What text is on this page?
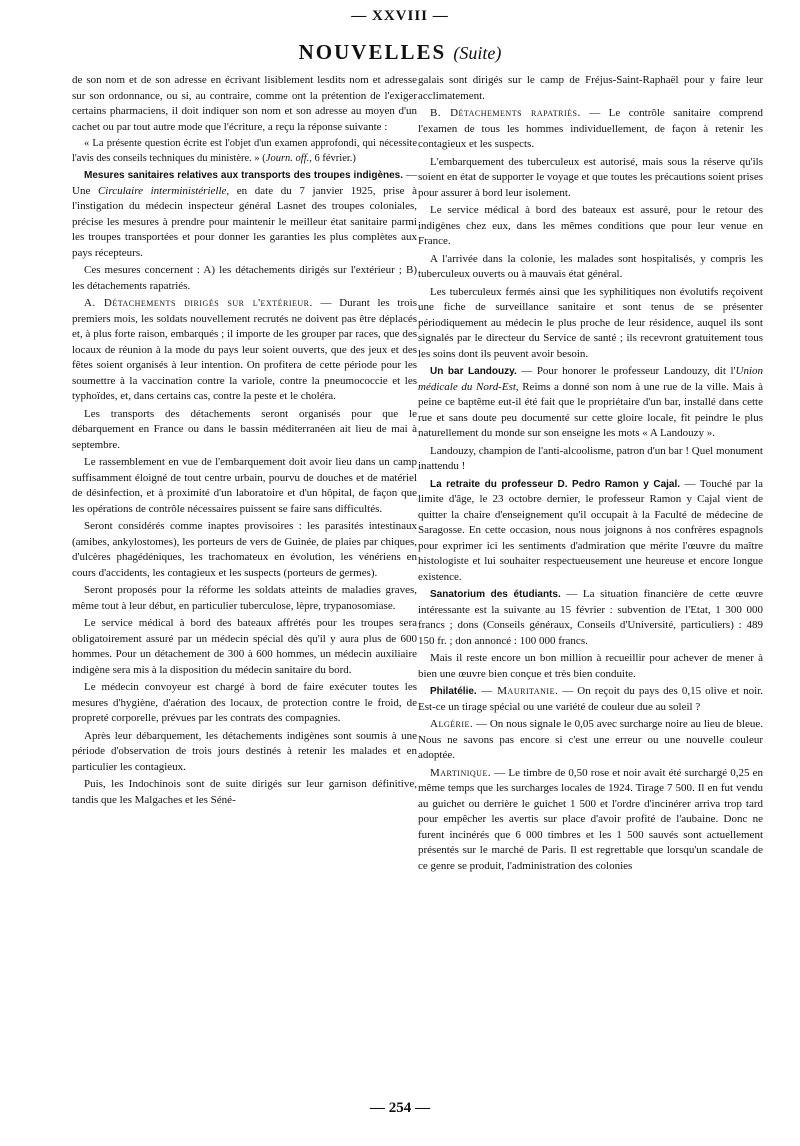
— XXVIII —
NOUVELLES (Suite)

de son nom et de son adresse en écrivant lisiblement lesdits nom et adresse sur son ordonnance, ou si, au contraire, comme ont la prétention de l'exiger certains pharmaciens, il doit indiquer son nom et son adresse au moyen d'un cachet ou par tout autre mode que l'écriture, a reçu la réponse suivante :

« La présente question écrite est l'objet d'un examen approfondi, qui nécessite l'avis des conseils techniques du ministère. » (Journ. off., 6 février.)

Mesures sanitaires relatives aux transports des troupes indigènes. — Une Circulaire interministérielle, en date du 7 janvier 1925, prise à l'instigation du médecin inspecteur général Lasnet des troupes coloniales, précise les mesures à prendre pour maintenir le meilleur état sanitaire parmi les troupes transportées et pour donner les garanties les plus complètes aux pays récepteurs.

Ces mesures concernent : A) les détachements dirigés sur l'extérieur ; B) les détachements rapatriés.

A. Détachements dirigés sur l'extérieur. — Durant les trois premiers mois, les soldats nouvellement recrutés ne doivent pas être déplacés et, à plus forte raison, embarqués ; il importe de les grouper par races, que des locaux de réunion à la mode du pays leur soient ouverts, que des jeux et des fêtes soient organisés à leur intention. On profitera de cette période pour les soumettre à la vaccination contre la variole, contre la pneumococcie et les typhoïdes, et, dans certains cas, contre la peste et le choléra.

Les transports des détachements seront organisés pour que le débarquement en France ou dans le bassin méditerranéen ait lieu de mai à septembre.

Le rassemblement en vue de l'embarquement doit avoir lieu dans un camp suffisamment éloigné de tout centre urbain, pourvu de douches et de matériel de désinfection, et à proximité d'un laboratoire et d'un hôpital, de façon que les opérations de contrôle nécessaires puissent se faire sans difficultés.

Seront considérés comme inaptes provisoires : les parasités intestinaux (amibes, ankylostomes), les porteurs de vers de Guinée, de plaies par chiques, d'ulcères phagédéniques, les trachomateux en évolution, les vénériens en cours d'accidents, les contagieux et les suspects (porteurs de germes).

Seront proposés pour la réforme les soldats atteints de maladies graves, même tout à leur début, en particulier tuberculose, lèpre, trypanosomiase.

Le service médical à bord des bateaux affrétés pour les troupes sera obligatoirement assuré par un médecin spécial dès qu'il y aura plus de 600 hommes. Pour un détachement de 300 à 600 hommes, un médecin auxiliaire indigène sera mis à la disposition du médecin sanitaire du bord.

Le médecin convoyeur est chargé à bord de faire exécuter toutes les mesures d'hygiène, d'aération des locaux, de protection contre le froid, de propreté corporelle, prévues par les contrats des compagnies.

Après leur débarquement, les détachements indigènes sont soumis à une période d'observation de trois jours destinés à retenir les malades et en particulier les contagieux.

Puis, les Indochinois sont de suite dirigés sur leur garnison définitive, tandis que les Malgaches et les Séné-

galais sont dirigés sur le camp de Fréjus-Saint-Raphaël pour y faire leur acclimatement.

B. Détachements rapatriés. — Le contrôle sanitaire comprend l'examen de tous les hommes individuellement, de façon à retenir les contagieux et les suspects.

L'embarquement des tuberculeux est autorisé, mais sous la réserve qu'ils soient en état de supporter le voyage et que toutes les précautions soient prises pour assurer à bord leur isolement.

Le service médical à bord des bateaux est assuré, pour le retour des indigènes chez eux, dans les mêmes conditions que pour leur venue en France.

A l'arrivée dans la colonie, les malades sont hospitalisés, y compris les tuberculeux ouverts ou à mauvais état général.

Les tuberculeux fermés ainsi que les syphilitiques non évolutifs reçoivent une fiche de surveillance sanitaire et sont tenus de se présenter périodiquement au médecin le plus proche de leur résidence, auquel ils sont signalés par le directeur du Service de santé ; ils recevront gratuitement tous les soins dont ils peuvent avoir besoin.

Un bar Landouzy. — Pour honorer le professeur Landouzy, dit l'Union médicale du Nord-Est, Reims a donné son nom à une rue de la ville. Mais à peine ce baptême eut-il été fait que le propriétaire d'un bar, installé dans cette rue et sans doute peu documenté sur cette gloire locale, fit peindre le plus naturellement du monde sur son enseigne les mots « A Landouzy ».

Landouzy, champion de l'anti-alcoolisme, patron d'un bar ! Quel monument inattendu !

La retraite du professeur D. Pedro Ramon y Cajal. — Touché par la limite d'âge, le 23 octobre dernier, le professeur Ramon y Cajal vient de quitter la chaire d'enseignement qu'il occupait à la Faculté de médecine de Saragosse. En cette occasion, nous nous joignons à nos confrères espagnols pour exprimer ici les sentiments d'admiration que mérite l'œuvre du maître histologiste et lui souhaiter respectueusement une heureuse et encore longue existence.

Sanatorium des étudiants. — La situation financière de cette œuvre intéressante est la suivante au 15 février : subvention de l'Etat, 1 300 000 francs ; dons (Conseils généraux, Conseils d'Université, particuliers) : 489 150 fr. ; don annoncé : 100 000 francs.

Mais il reste encore un bon million à recueillir pour achever de mener à bien une œuvre bien conçue et très bien conduite.

Philatélie. — Mauritanie. — On reçoit du pays des 0,15 olive et noir. Est-ce un tirage spécial ou une variété de couleur due au soleil ?

Algérie. — On nous signale le 0,05 avec surcharge noire au lieu de bleue. Nous ne savons pas encore si c'est une erreur ou une nouvelle couleur adoptée.

Martinique. — Le timbre de 0,50 rose et noir avait été surchargé 0,25 en même temps que les surcharges locales de 1924. Tirage 7 500. Il en fut vendu au guichet ou derrière le guichet 1 500 et l'ordre d'incinérer arriva trop tard pour empêcher les avertis sur place d'avoir profité de l'aubaine. Donc ne furent incinérés que 6 000 timbres et les 1 500 sauvés sont actuellement présentés sur le marché de Paris. Il est regrettable que lorsqu'un scandale de ce genre se produit, l'administration des colonies

— 254 —
